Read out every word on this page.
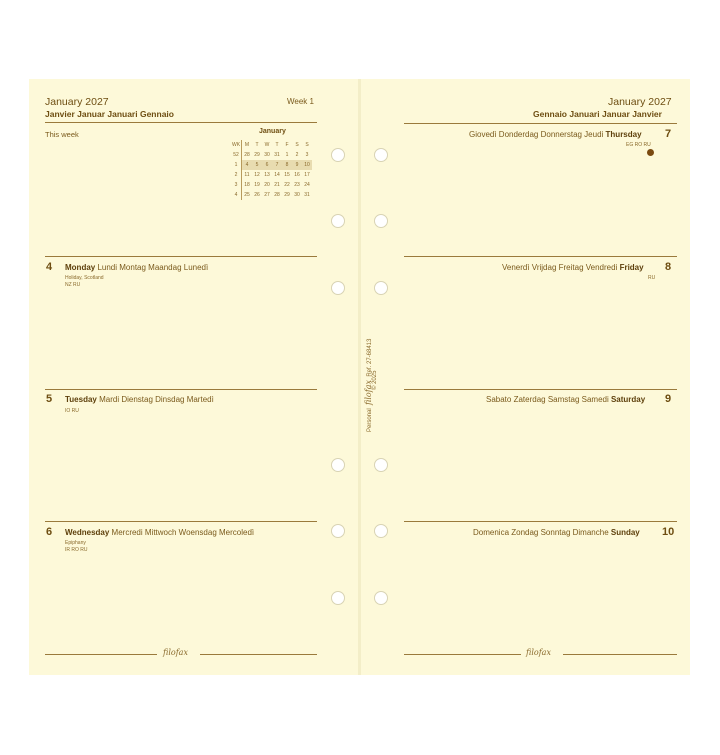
January 2027
Janvier Januar Januari Gennaio
Week 1
This week	January
WK	M	T	W	T	F	S	S
52	28	29	30	31	1	2	3
1	4	5	6	7	8	9	10
2	11	12	13	14	15	16	17
3	18	19	20	21	22	23	24
4	25	26	27	28	29	30	31
4 Monday Lundi Montag Maandag Lunedì
Holiday, Scotland
NZ RU
5 Tuesday Mardi Dienstag Dinsdag Martedì
IO RU
6 Wednesday Mercredi Mittwoch Woensdag Mercoledì
Epiphany
IR RO RU
filofax
January 2027
Gennaio Januari Januar Janvier
Giovedì Donderdag Donnerstag Jeudi Thursday 7
EG RO RU
Venerdì Vrijdag Freitag Vendredi Friday 8
RU
Sabato Zaterdag Samstag Samedi Saturday 9
Domenica Zondag Sonntag Dimanche Sunday 10
filofax
Personal  filofax  Ref. 27-68413
© 2025
